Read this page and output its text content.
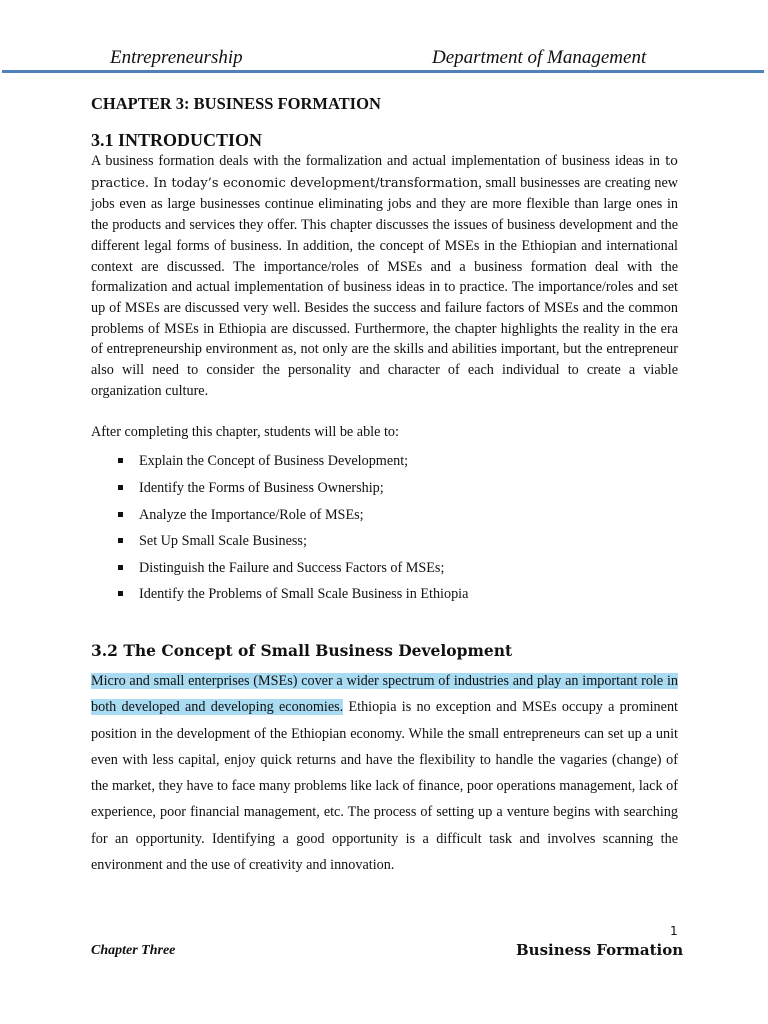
Entrepreneurship	Department of Management
CHAPTER 3: BUSINESS FORMATION
3.1 INTRODUCTION

A business formation deals with the formalization and actual implementation of business ideas in to practice. In today’s economic development/transformation, small businesses are creating new jobs even as large businesses continue eliminating jobs and they are more flexible than large ones in the products and services they offer. This chapter discusses the issues of business development and the different legal forms of business. In addition, the concept of MSEs in the Ethiopian and international context are discussed. The importance/roles of MSEs and a business formation deal with the formalization and actual implementation of business ideas in to practice. The importance/roles and set up of MSEs are discussed very well. Besides the success and failure factors of MSEs and the common problems of MSEs in Ethiopia are discussed. Furthermore, the chapter highlights the reality in the era of entrepreneurship environment as, not only are the skills and abilities important, but the entrepreneur also will need to consider the personality and character of each individual to create a viable organization culture.

After completing this chapter, students will be able to:

Explain the Concept of Business Development;
Identify the Forms of Business Ownership;
Analyze the Importance/Role of MSEs;
Set Up Small Scale Business;
Distinguish the Failure and Success Factors of MSEs;
Identify the Problems of Small Scale Business in Ethiopia
3.2 The Concept of Small Business Development

Micro and small enterprises (MSEs) cover a wider spectrum of industries and play an important role in both developed and developing economies. Ethiopia is no exception and MSEs occupy a prominent position in the development of the Ethiopian economy. While the small entrepreneurs can set up a unit even with less capital, enjoy quick returns and have the flexibility to handle the vagaries (change) of the market, they have to face many problems like lack of finance, poor operations management, lack of experience, poor financial management, etc. The process of setting up a venture begins with searching for an opportunity. Identifying a good opportunity is a difficult task and involves scanning the environment and the use of creativity and innovation.

1
Chapter Three	Business Formation
